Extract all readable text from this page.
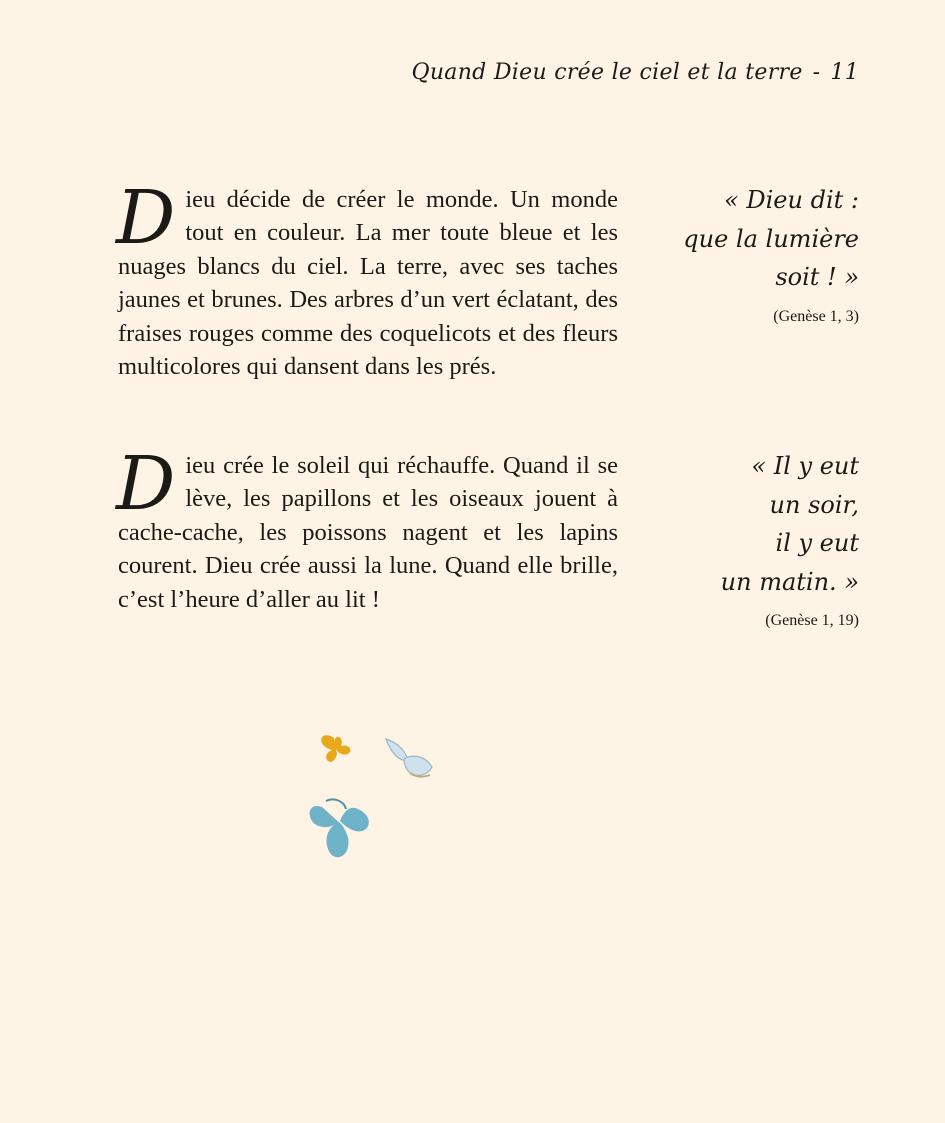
Quand Dieu crée le ciel et la terre - 11

Dieu décide de créer le monde. Un monde tout en couleur. La mer toute bleue et les nuages blancs du ciel. La terre, avec ses taches jaunes et brunes. Des arbres d’un vert éclatant, des fraises rouges comme des coquelicots et des fleurs multicolores qui dansent dans les prés.

Dieu crée le soleil qui réchauffe. Quand il se lève, les papillons et les oiseaux jouent à cache-cache, les poissons nagent et les lapins courent. Dieu crée aussi la lune. Quand elle brille, c’est l’heure d’aller au lit !

« Dieu dit :
que la lumière
soit ! »
(Genèse 1, 3)
« Il y eut
un soir,
il y eut
un matin. »
(Genèse 1, 19)
